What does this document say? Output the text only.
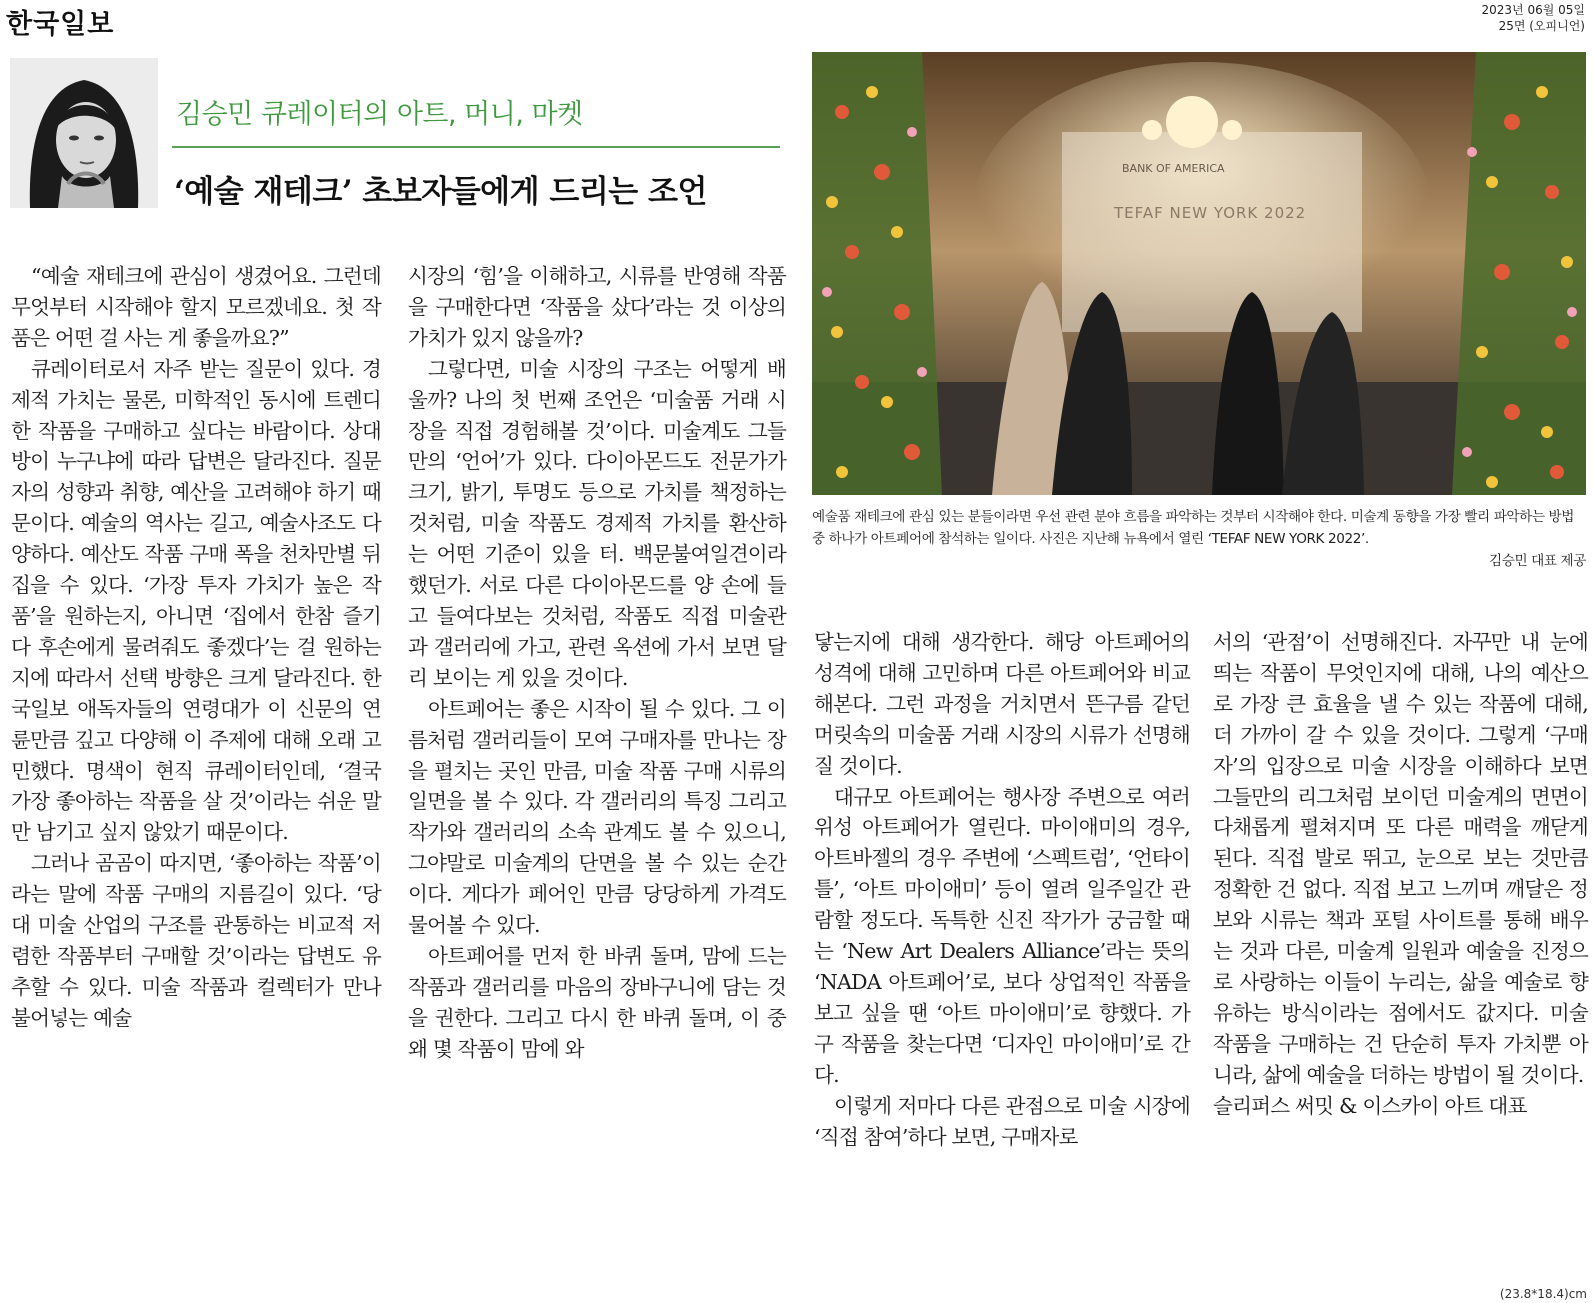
한국일보	2023년 06월 05일
25면 (오피니언)
김승민 큐레이터의 아트, 머니, 마켓
‘예술 재테크’ 초보자들에게 드리는 조언
BANK OF AMERICA
TEFAF NEW YORK 2022
예술품 재테크에 관심 있는 분들이라면 우선 관련 분야 흐름을 파악하는 것부터 시작해야 한다. 미술계 동향을 가장 빨리 파악하는 방법 중 하나가 아트페어에 참석하는 일이다. 사진은 지난해 뉴욕에서 열린 ‘TEFAF NEW YORK 2022’.
김승민 대표 제공

“예술 재테크에 관심이 생겼어요. 그런데 무엇부터 시작해야 할지 모르겠네요. 첫 작품은 어떤 걸 사는 게 좋을까요?”

큐레이터로서 자주 받는 질문이 있다. 경제적 가치는 물론, 미학적인 동시에 트렌디한 작품을 구매하고 싶다는 바람이다. 상대방이 누구냐에 따라 답변은 달라진다. 질문자의 성향과 취향, 예산을 고려해야 하기 때문이다. 예술의 역사는 길고, 예술사조도 다양하다. 예산도 작품 구매 폭을 천차만별 뒤집을 수 있다. ‘가장 투자 가치가 높은 작품’을 원하는지, 아니면 ‘집에서 한참 즐기다 후손에게 물려줘도 좋겠다’는 걸 원하는지에 따라서 선택 방향은 크게 달라진다. 한국일보 애독자들의 연령대가 이 신문의 연륜만큼 깊고 다양해 이 주제에 대해 오래 고민했다. 명색이 현직 큐레이터인데, ‘결국 가장 좋아하는 작품을 살 것’이라는 쉬운 말만 남기고 싶지 않았기 때문이다.

그러나 곰곰이 따지면, ‘좋아하는 작품’이라는 말에 작품 구매의 지름길이 있다. ‘당대 미술 산업의 구조를 관통하는 비교적 저렴한 작품부터 구매할 것’이라는 답변도 유추할 수 있다. 미술 작품과 컬렉터가 만나 불어넣는 예술

시장의 ‘힘’을 이해하고, 시류를 반영해 작품을 구매한다면 ‘작품을 샀다’라는 것 이상의 가치가 있지 않을까?

그렇다면, 미술 시장의 구조는 어떻게 배울까? 나의 첫 번째 조언은 ‘미술품 거래 시장을 직접 경험해볼 것’이다. 미술계도 그들만의 ‘언어’가 있다. 다이아몬드도 전문가가 크기, 밝기, 투명도 등으로 가치를 책정하는 것처럼, 미술 작품도 경제적 가치를 환산하는 어떤 기준이 있을 터. 백문불여일견이라 했던가. 서로 다른 다이아몬드를 양 손에 들고 들여다보는 것처럼, 작품도 직접 미술관과 갤러리에 가고, 관련 옥션에 가서 보면 달리 보이는 게 있을 것이다.

아트페어는 좋은 시작이 될 수 있다. 그 이름처럼 갤러리들이 모여 구매자를 만나는 장을 펼치는 곳인 만큼, 미술 작품 구매 시류의 일면을 볼 수 있다. 각 갤러리의 특징 그리고 작가와 갤러리의 소속 관계도 볼 수 있으니, 그야말로 미술계의 단면을 볼 수 있는 순간이다. 게다가 페어인 만큼 당당하게 가격도 물어볼 수 있다.

아트페어를 먼저 한 바퀴 돌며, 맘에 드는 작품과 갤러리를 마음의 장바구니에 담는 것을 권한다. 그리고 다시 한 바퀴 돌며, 이 중 왜 몇 작품이 맘에 와

닿는지에 대해 생각한다. 해당 아트페어의 성격에 대해 고민하며 다른 아트페어와 비교해본다. 그런 과정을 거치면서 뜬구름 같던 머릿속의 미술품 거래 시장의 시류가 선명해질 것이다.

대규모 아트페어는 행사장 주변으로 여러 위성 아트페어가 열린다. 마이애미의 경우, 아트바젤의 경우 주변에 ‘스펙트럼’, ‘언타이틀’, ‘아트 마이애미’ 등이 열려 일주일간 관람할 정도다. 독특한 신진 작가가 궁금할 때는 ‘New Art Dealers Alliance’라는 뜻의 ‘NADA 아트페어’로, 보다 상업적인 작품을 보고 싶을 땐 ‘아트 마이애미’로 향했다. 가구 작품을 찾는다면 ‘디자인 마이애미’로 간다.

이렇게 저마다 다른 관점으로 미술 시장에 ‘직접 참여’하다 보면, 구매자로

서의 ‘관점’이 선명해진다. 자꾸만 내 눈에 띄는 작품이 무엇인지에 대해, 나의 예산으로 가장 큰 효율을 낼 수 있는 작품에 대해, 더 가까이 갈 수 있을 것이다. 그렇게 ‘구매자’의 입장으로 미술 시장을 이해하다 보면 그들만의 리그처럼 보이던 미술계의 면면이 다채롭게 펼쳐지며 또 다른 매력을 깨닫게 된다. 직접 발로 뛰고, 눈으로 보는 것만큼 정확한 건 없다. 직접 보고 느끼며 깨달은 정보와 시류는 책과 포털 사이트를 통해 배우는 것과 다른, 미술계 일원과 예술을 진정으로 사랑하는 이들이 누리는, 삶을 예술로 향유하는 방식이라는 점에서도 값지다. 미술 작품을 구매하는 건 단순히 투자 가치뿐 아니라, 삶에 예술을 더하는 방법이 될 것이다.

슬리퍼스 써밋 & 이스카이 아트 대표

(23.8*18.4)cm
